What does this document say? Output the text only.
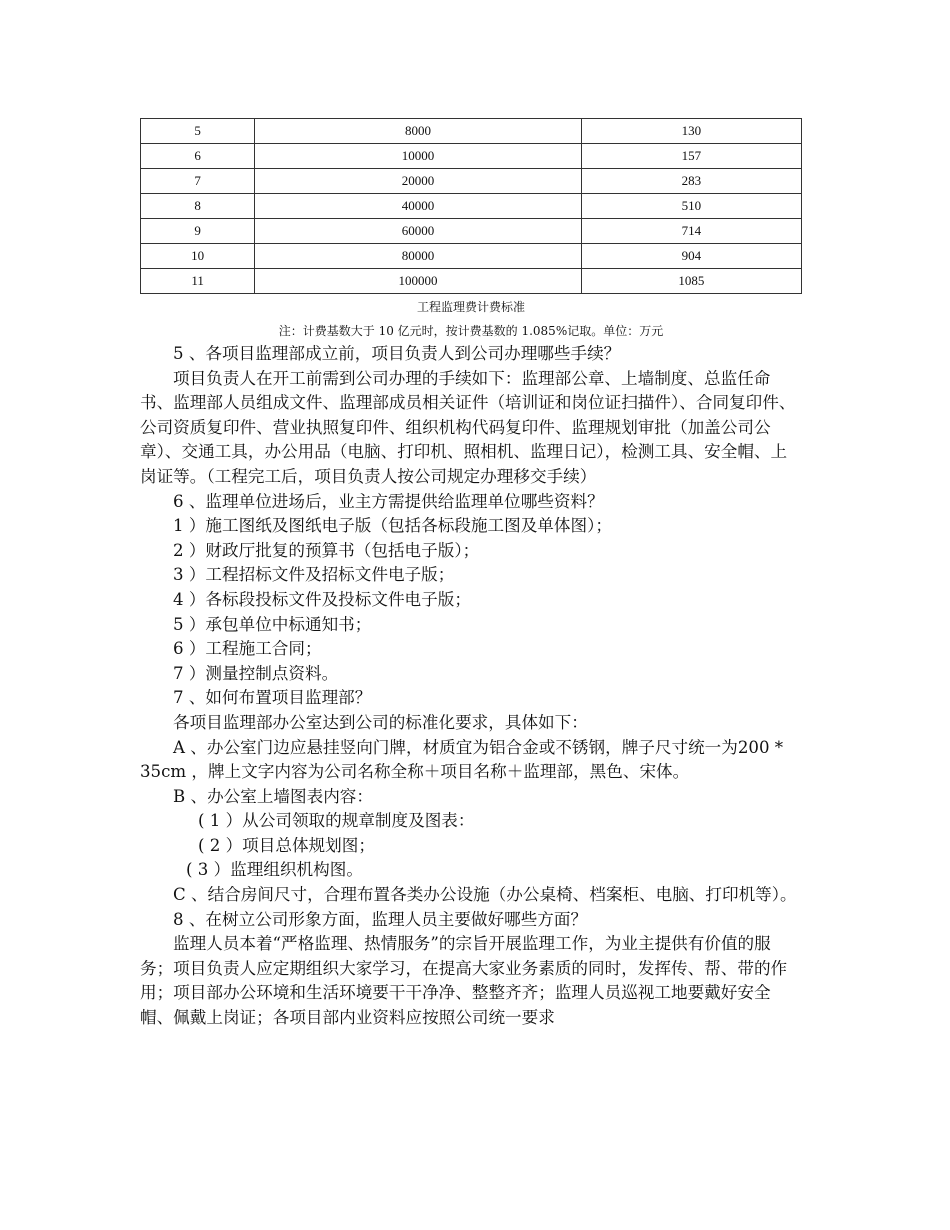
5	8000	130
6	10000	157
7	20000	283
8	40000	510
9	60000	714
10	80000	904
11	100000	1085
工程监理费计费标准
注：计费基数大于 10 亿元时，按计费基数的 1.085%记取。单位：万元

5 、各项目监理部成立前，项目负责人到公司办理哪些手续？

项目负责人在开工前需到公司办理的手续如下：监理部公章、上墙制度、总监任命书、监理部人员组成文件、监理部成员相关证件（培训证和岗位证扫描件）、合同复印件、公司资质复印件、营业执照复印件、组织机构代码复印件、监理规划审批（加盖公司公章）、交通工具，办公用品（电脑、打印机、照相机、监理日记），检测工具、安全帽、上岗证等。（工程完工后，项目负责人按公司规定办理移交手续）

6 、监理单位进场后，业主方需提供给监理单位哪些资料？

1 ）施工图纸及图纸电子版（包括各标段施工图及单体图）；

2 ）财政厅批复的预算书（包括电子版）；

3 ）工程招标文件及招标文件电子版；

4 ）各标段投标文件及投标文件电子版；

5 ）承包单位中标通知书；

6 ）工程施工合同；

7 ）测量控制点资料。

7 、如何布置项目监理部？

各项目监理部办公室达到公司的标准化要求，具体如下：

A 、办公室门边应悬挂竖向门牌，材质宜为铝合金或不锈钢，牌子尺寸统一为200 * 35cm ，牌上文字内容为公司名称全称＋项目名称＋监理部，黑色、宋体。

B 、办公室上墙图表内容：

( 1 ）从公司领取的规章制度及图表：

( 2 ）项目总体规划图；

( 3 ）监理组织机构图。

C 、结合房间尺寸，合理布置各类办公设施（办公桌椅、档案柜、电脑、打印机等）。

8 、在树立公司形象方面，监理人员主要做好哪些方面？

监理人员本着“严格监理、热情服务”的宗旨开展监理工作，为业主提供有价值的服务；项目负责人应定期组织大家学习，在提高大家业务素质的同时，发挥传、帮、带的作用；项目部办公环境和生活环境要干干净净、整整齐齐；监理人员巡视工地要戴好安全帽、佩戴上岗证；各项目部内业资料应按照公司统一要求
